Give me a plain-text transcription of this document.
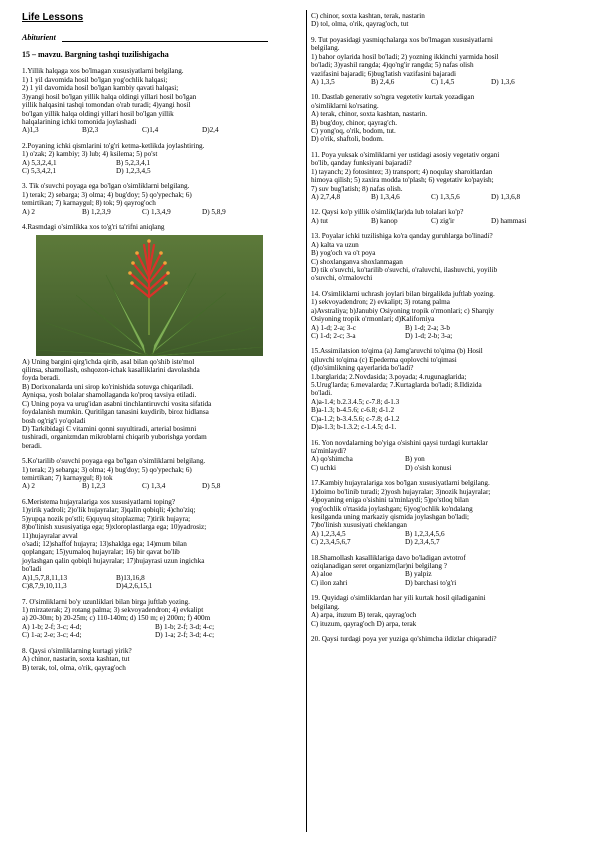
Life Lessons
Abiturient
15 – mavzu. Bargning tashqi tuzilishigacha

1.Yillik halqaga xos bo'lmagan xususiyatlarni belgilang.

1) 1 yil davomida hosil bo'lgan yog'ochlik halqasi;

2) 1 yil davomida hosil bo'lgan kambiy qavati halqasi;

3)yangi hosil bo'lgan yillik halqa oldingi yillari hosil bo'lgan

yillik halqasini tashqi tomondan o'rab turadi; 4)yangi hosil

bo'lgan yillik halqa oldingi yillari hosil bo'lgan yillik

halqalarining ichki tomonida joylashadi

A)1,3	B)2,3	C)1,4	D)2,4

2.Poyaning ichki qismlarini to'g'ri ketma-ketlikda joylashtiring.

1) o'zak; 2) kambiy; 3) lub; 4) ksilema; 5) po'st

A) 5,3,2,4,1	B) 5,2,3,4,1
C) 5,3,4,2,1	D) 1,2,3,4,5

3. Tik o'suvchi poyaga ega bo'lgan o'simliklarni belgilang.

1) terak; 2) sebarga; 3) olma; 4) bug'doy; 5) qo'ypechak; 6)

temirtikan; 7) karnaygul; 8) tok; 9) qayrog'och

A) 2	B) 1,2,3,9	C) 1,3,4,9	D) 5,8,9

4.Rasmdagi o'simlikka xos to'g'ri ta'rifni aniqlang

A) Uning bargini qirg'ichda qirib, asal bilan qo'shib iste'mol

qilinsa, shamollash, oshqozon-ichak kasalliklarini davolashda

foyda beradi.

B) Dorixonalarda uni sirop ko'rinishida sotuvga chiqariladi.

Ayniqsa, yosh bolalar shamollaganda ko'proq tavsiya etiladi.

C) Uning poya va urug'idan asabni tinchlantiruvchi vosita sifatida

foydalanish mumkin. Quritilgan tanasini kuydirib, biroz hidlansa

bosh og'rig'i yo'qoladi

D) Tarkibidagi C vitamini qonni suyultiradi, arterial bosimni

tushiradi, organizmdan mikroblarni chiqarib yuborishga yordam

beradi.

5.Ko'tarilib o'suvchi poyaga ega bo'lgan o'simliklarni belgilang.

1) terak; 2) sebarga; 3) olma; 4) bug'doy; 5) qo'ypechak; 6)

temirtikan; 7) karnaygul; 8) tok

A) 2	B) 1,2,3	C) 1,3,4	D) 5,8

6.Meristema hujayralariga xos xususiyatlarni toping?

1)yirik yadroli; 2)o'lik hujayralar; 3)qalin qobiqli; 4)cho'ziq;

5)yupqa nozik po'stli; 6)quyuq sitoplazma; 7)tirik hujayra;

8)bo'linish xususiyatiga ega; 9)xloroplastlarga ega; 10)yadrosiz;

11)hujayralar avval

o'sadi; 12)shaffof hujayra; 13)shaklga ega; 14)mum bilan

qoplangan; 15)yumaloq hujayralar; 16) bir qavat bo'lib

joylashgan qalin qobiqli hujayralar; 17)hujayrasi uzun ingichka

bo'ladi

A)1,5,7,8,11,13	B)13,16,8
C)8,7,9,10,11,3	D)4,2,6,15,1

7. O'simliklarni bo'y uzunliklari bilan birga juftlab yozing.

1) mirzaterak; 2) rotang palma; 3) sekvoyadendron; 4) evkalipt

a) 20-30m; b) 20-25m; c) 110-140m; d) 150 m; e) 200m; f) 400m

A) 1-b; 2-f; 3-c; 4-d;	B) 1-b; 2-f; 3-d; 4-c;
C) 1-a; 2-e; 3-c; 4-d;	D) 1-a; 2-f; 3-d; 4-c;

8. Qaysi o'simliklarning kurtagi yirik?

A) chinor, nastarin, soxta kashtan, tut

B) terak, tol, olma, o'rik, qayrag'och

C) chinor, soxta kashtan, terak, nastarin

D) tol, olma, o'rik, qayrag'och, tut

9. Tut poyasidagi yasmiqchalarga xos bo'lmagan xususiyatlarni

belgilang.

1) bahor oylarida hosil bo'ladi; 2) yozning ikkinchi yarmida hosil

bo'ladi; 3)yashil rangda; 4)qo'ng'ir rangda; 5) nafas olish

vazifasini bajaradi; 6)bug'latish vazifasini bajaradi

A) 1,3,5	B) 2,4,6	C) 1,4,5	D) 1,3,6

10. Dastlab generativ so'ngra vegetetiv kurtak yozadigan

o'simliklarni ko'rsating.

A) terak, chinor, soxta kashtan, nastarin.

B) bug'doy, chinor, qayrag'ch.

C) yong'oq, o'rik, bodom, tut.

D) o'rik, shaftoli, bodom.

11. Poya yuksak o'simliklarni yer ustidagi asosiy vegetativ organi

bo'lib, qanday funksiyani bajaradi?

1) tayanch; 2) fotosintez; 3) transport; 4) noqulay sharoitlardan

himoya qilish; 5) zaxira modda to'plash; 6) vegetativ ko'payish;

7) suv bug'latish; 8) nafas olish.

A) 2,7,4,8	B) 1,3,4,6	C) 1,3,5,6	D) 1,3,6,8

12. Qaysi ko'p yillik o'simlik(lar)da lub tolalari ko'p?

A) tut	B) kanop	C) zig'ir	D) hammasi

13. Poyalar ichki tuzilishiga ko'ra qanday guruhlarga bo'linadi?

A) kalta va uzun

B) yog'och va o't poya

C) shoxlanganva shoxlanmagan

D) tik o'suvchi, ko'tarilib o'suvchi, o'raluvchi, ilashuvchi, yoyilib

o'suvchi, o'rmalovchi

14. O'simliklarni uchrash joylari bilan birgalikda juftlab yozing.

1) sekvoyadendron; 2) evkalipt; 3) rotang palma

a)Avstraliya; b)Janubiy Osiyoning tropik o'rmonlari; c) Sharqiy

Osiyoning tropik o'rmonlari; d)Kaliforniya

A) 1-d; 2-a; 3-c	B) 1-d; 2-a; 3-b
C) 1-d; 2-c; 3-a	D) 1-d; 2-b; 3-a;

15.Assimilatsion to'qima (a) Jamg'aruvchi to'qima (b) Hosil

qiluvchi to'qima (c) Epederma qoplovchi to'qimasi

(d)o'simlikning qayerlarida bo'ladi?

1.barglarida; 2.Novdasida; 3.poyada; 4.rugunaglarida;

5.Urug'larda; 6.mevalarda; 7.Kurtaglarda bo'ladi; 8.Ildizida

bo'ladi.

A)a-1.4; b.2.3.4.5; c-7.8; d-1.3

B)a-1.3; b-4.5.6; c-6.8; d-1.2

C)a-1.2; b-3.4.5.6; c-7.8; d-1.2

D)a-1.3; b-1.3.2; c-1.4.5; d-1.

16. Yon novdalarning bo'yiga o'sishini qaysi turdagi kurtaklar

ta'minlaydi?

A) qo'shimcha	B) yon
C) uchki	D) o'sish konusi

17.Kambiy hujayralariga xos bo'lgan xususiyatlarni belgilang.

1)doimo bo'linib turadi; 2)yosh hujayralar; 3)nozik hujayralar;

4)poyaning eniga o'sishini ta'minlaydi; 5)po'stloq bilan

yog'ochlik o'rtasida joylashgan; 6)yog'ochlik ko'ndalang

kesilganda uning markaziy qismida joylashgan bo'ladi;

7)bo'linish xususiyati cheklangan

A) 1,2,3,4,5	B) 1,2,3,4,5,6
C) 2,3,4,5,6,7	D) 2,3,4,5,7

18.Shamollash kasalliklariga davo bo'ladigan avtotrof

oziqlanadigan seret organizm(lar)ni belgilang ?

A) aloe	B) yalpiz
C) ilon zahri	D) barchasi to'g'ri

19. Quyidagi o'simliklardan har yili kurtak hosil qiladiganini

belgilang.

A) arpa, ituzum B) terak, qayrag'och

C) ituzum, qayrag'och D) arpa, terak

20. Qaysi turdagi poya yer yuziga qo'shimcha ildizlar chiqaradi?
